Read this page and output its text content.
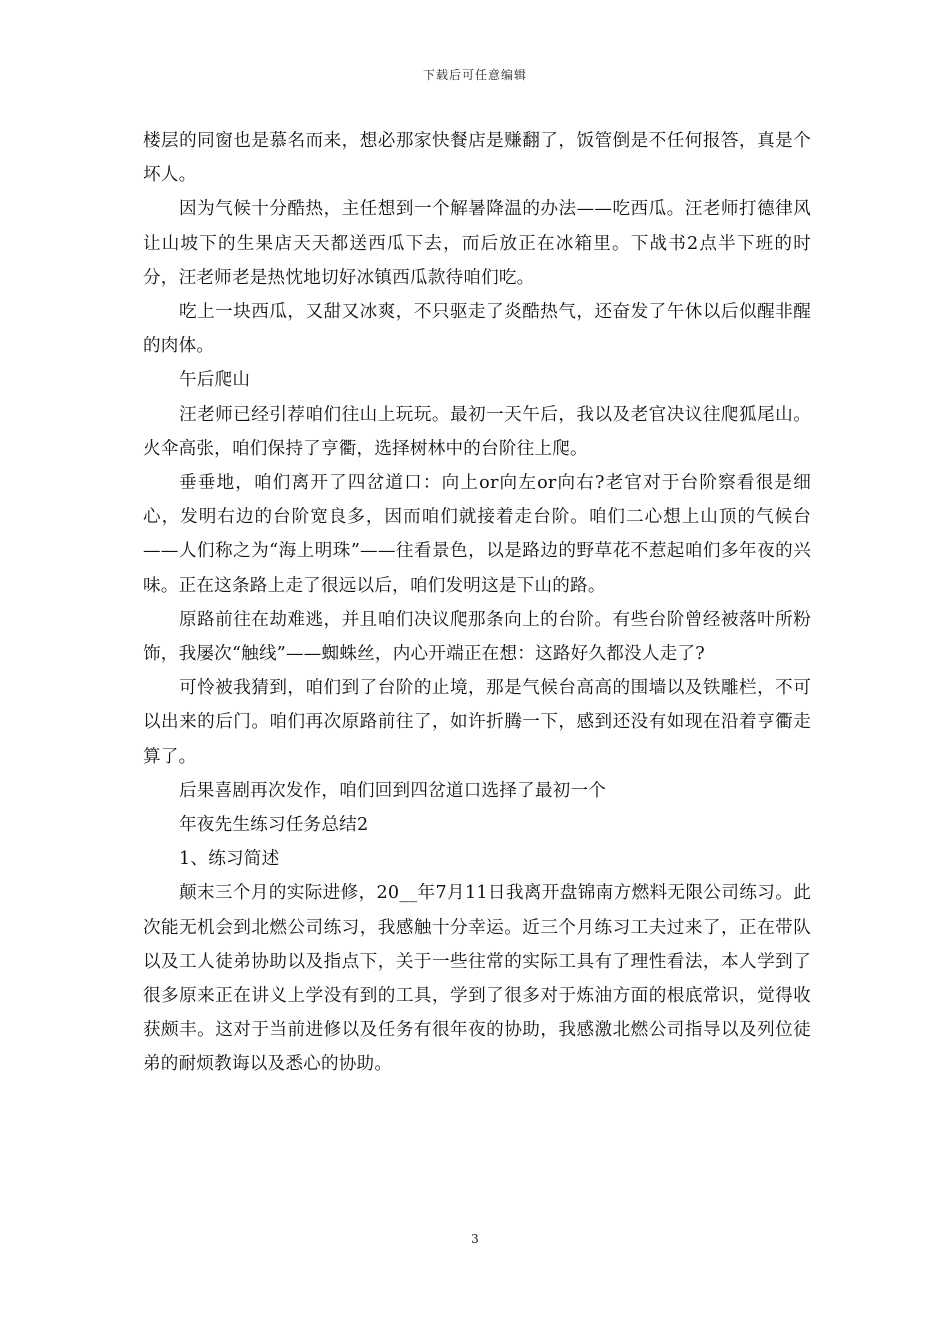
下载后可任意编辑

楼层的同窗也是慕名而来，想必那家快餐店是赚翻了，饭管倒是不任何报答，真是个坏人。

因为气候十分酷热，主任想到一个解暑降温的办法——吃西瓜。汪老师打德律风让山坡下的生果店天天都送西瓜下去，而后放正在冰箱里。下战书2点半下班的时分，汪老师老是热忱地切好冰镇西瓜款待咱们吃。

吃上一块西瓜，又甜又冰爽，不只驱走了炎酷热气，还奋发了午休以后似醒非醒的肉体。

午后爬山

汪老师已经引荐咱们往山上玩玩。最初一天午后，我以及老官决议往爬狐尾山。火伞高张，咱们保持了亨衢，选择树林中的台阶往上爬。

垂垂地，咱们离开了四岔道口：向上or向左or向右?老官对于台阶察看很是细心，发明右边的台阶宽良多，因而咱们就接着走台阶。咱们二心想上山顶的气候台——人们称之为“海上明珠”——往看景色，以是路边的野草花不惹起咱们多年夜的兴味。正在这条路上走了很远以后，咱们发明这是下山的路。

原路前往在劫难逃，并且咱们决议爬那条向上的台阶。有些台阶曾经被落叶所粉饰，我屡次“触线”——蜘蛛丝，内心开端正在想：这路好久都没人走了?

可怜被我猜到，咱们到了台阶的止境，那是气候台高高的围墙以及铁雕栏，不可以出来的后门。咱们再次原路前往了，如许折腾一下，感到还没有如现在沿着亨衢走算了。

后果喜剧再次发作，咱们回到四岔道口选择了最初一个

年夜先生练习任务总结2

1、练习简述

颠末三个月的实际进修，20__年7月11日我离开盘锦南方燃料无限公司练习。此次能无机会到北燃公司练习，我感触十分幸运。近三个月练习工夫过来了，正在带队以及工人徒弟协助以及指点下，关于一些往常的实际工具有了理性看法，本人学到了很多原来正在讲义上学没有到的工具，学到了很多对于炼油方面的根底常识，觉得收获颇丰。这对于当前进修以及任务有很年夜的协助，我感激北燃公司指导以及列位徒弟的耐烦教诲以及悉心的协助。

3
